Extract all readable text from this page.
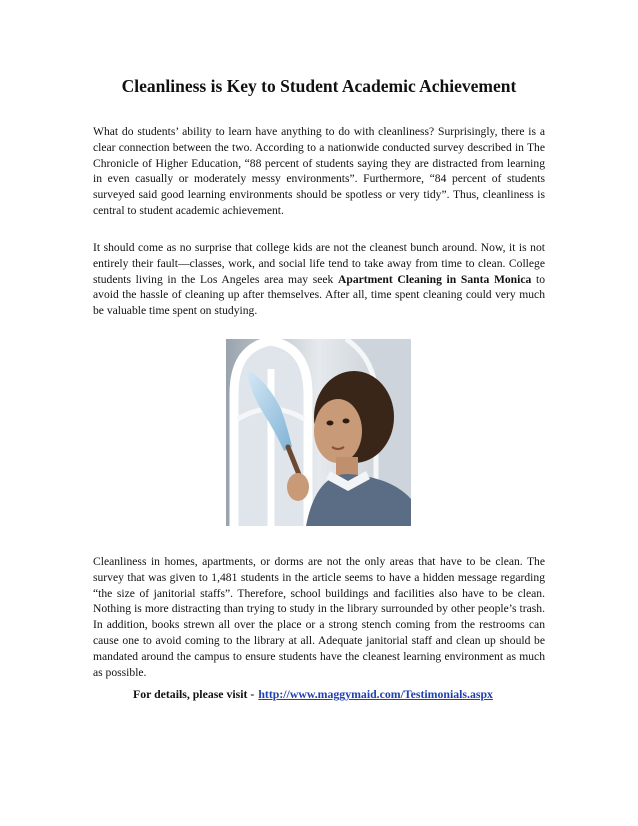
Cleanliness is Key to Student Academic Achievement

What do students’ ability to learn have anything to do with cleanliness? Surprisingly, there is a clear connection between the two. According to a nationwide conducted survey described in The Chronicle of Higher Education, “88 percent of students saying they are distracted from learning in even casually or moderately messy environments”. Furthermore, “84 percent of students surveyed said good learning environments should be spotless or very tidy”. Thus, cleanliness is central to student academic achievement.

It should come as no surprise that college kids are not the cleanest bunch around. Now, it is not entirely their fault—classes, work, and social life tend to take away from time to clean. College students living in the Los Angeles area may seek Apartment Cleaning in Santa Monica to avoid the hassle of cleaning up after themselves. After all, time spent cleaning could very much be valuable time spent on studying.

Cleanliness in homes, apartments, or dorms are not the only areas that have to be clean. The survey that was given to 1,481 students in the article seems to have a hidden message regarding “the size of janitorial staffs”. Therefore, school buildings and facilities also have to be clean. Nothing is more distracting than trying to study in the library surrounded by other people’s trash. In addition, books strewn all over the place or a strong stench coming from the restrooms can cause one to avoid coming to the library at all. Adequate janitorial staff and clean up should be mandated around the campus to ensure students have the cleanest learning environment as much as possible.

For details, please visit - http://www.maggymaid.com/Testimonials.aspx
